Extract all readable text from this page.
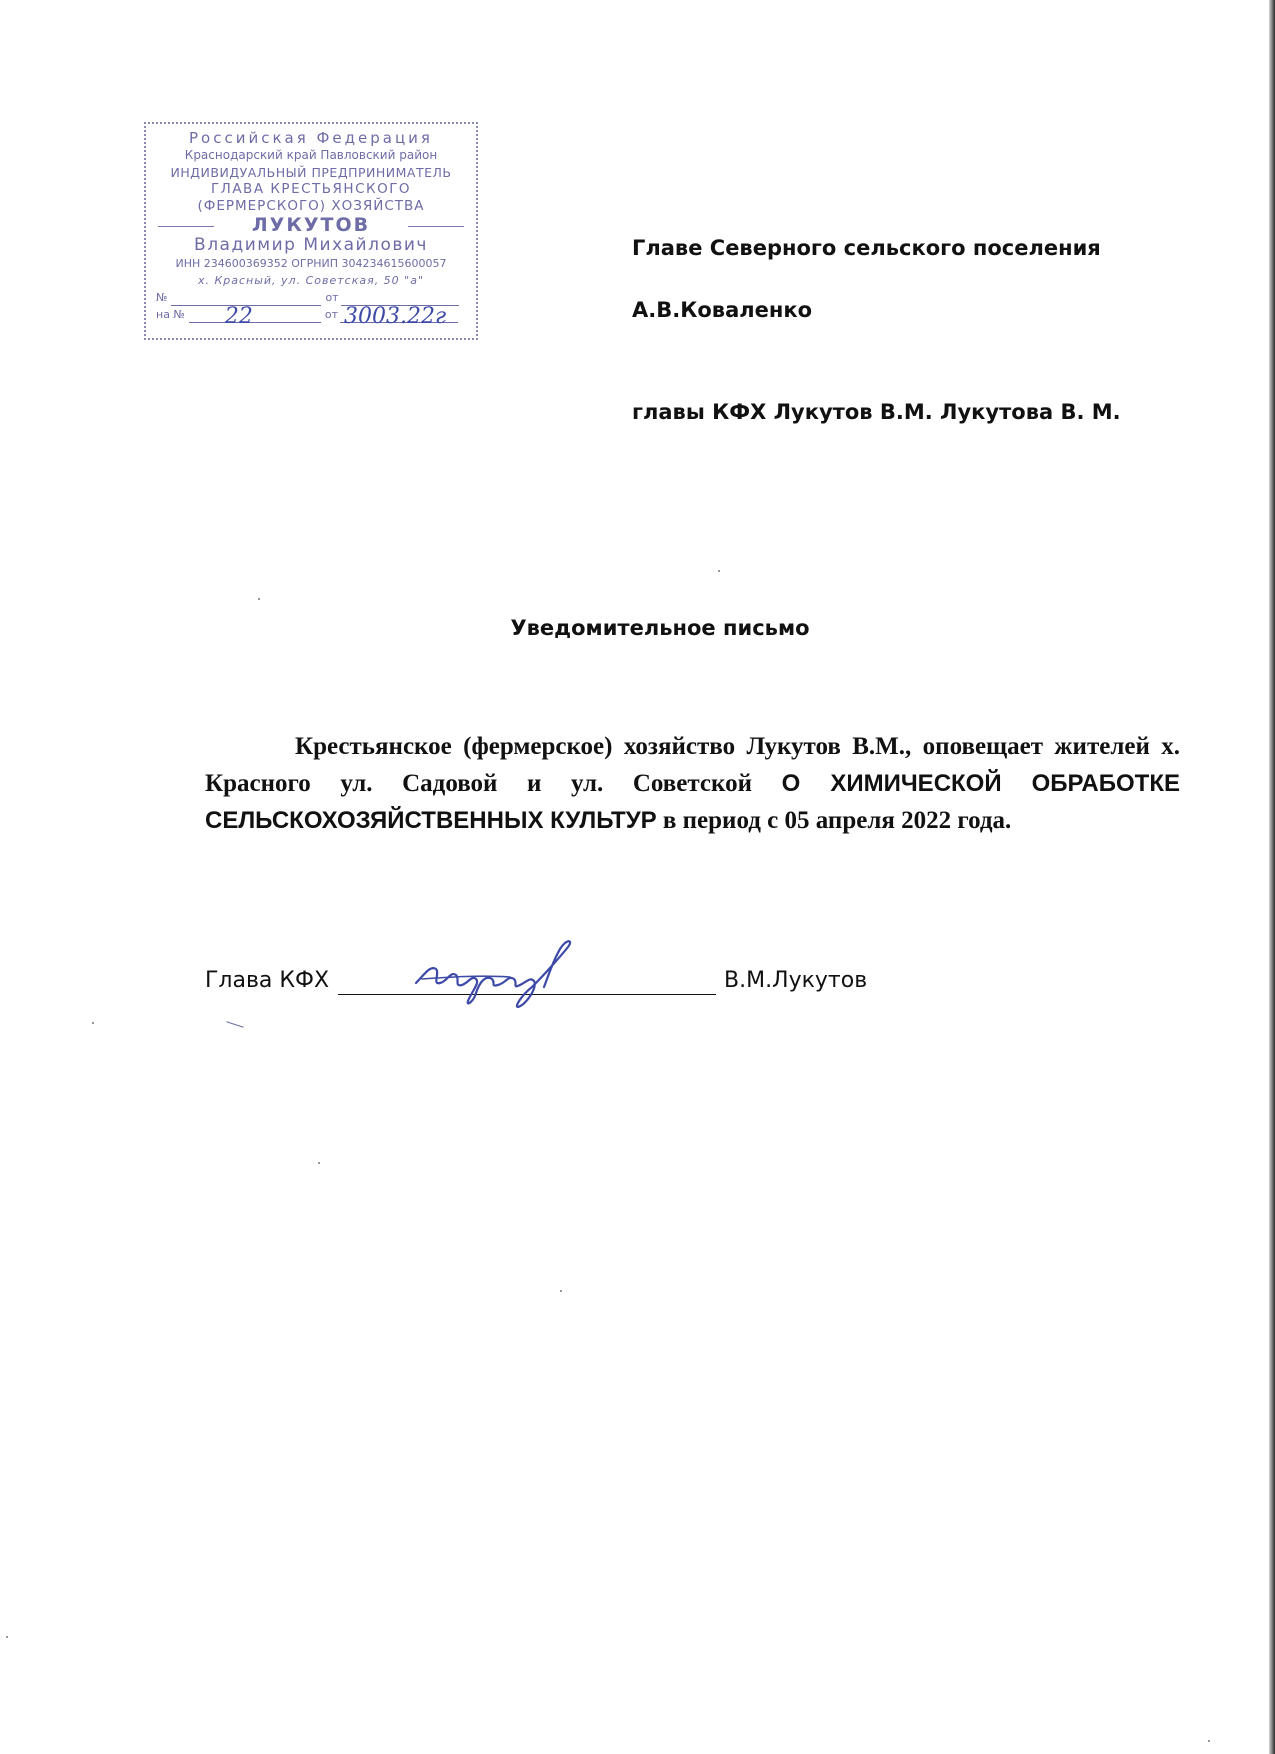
Российская Федерация
Краснодарский край Павловский район
ИНДИВИДУАЛЬНЫЙ ПРЕДПРИНИМАТЕЛЬ
ГЛАВА КРЕСТЬЯНСКОГО
(ФЕРМЕРСКОГО) ХОЗЯЙСТВА
ЛУКУТОВ
Владимир Михайлович
ИНН 234600369352 ОГРНИП 304234615600057
х. Красный, ул. Советская, 50 "а"
№	от
на № 22	от 3003.22г
Главе Северного сельского поселения
А.В.Коваленко
главы КФХ Лукутов В.М. Лукутова В. М.
Уведомительное письмо
Крестьянское (фермерское) хозяйство Лукутов В.М., оповещает жителей х. Красного ул. Садовой и ул. Советской О ХИМИЧЕСКОЙ ОБРАБОТКЕ СЕЛЬСКОХОЗЯЙСТВЕННЫХ КУЛЬТУР в период с 05 апреля 2022 года.
Глава КФХ	В.М.Лукутов
